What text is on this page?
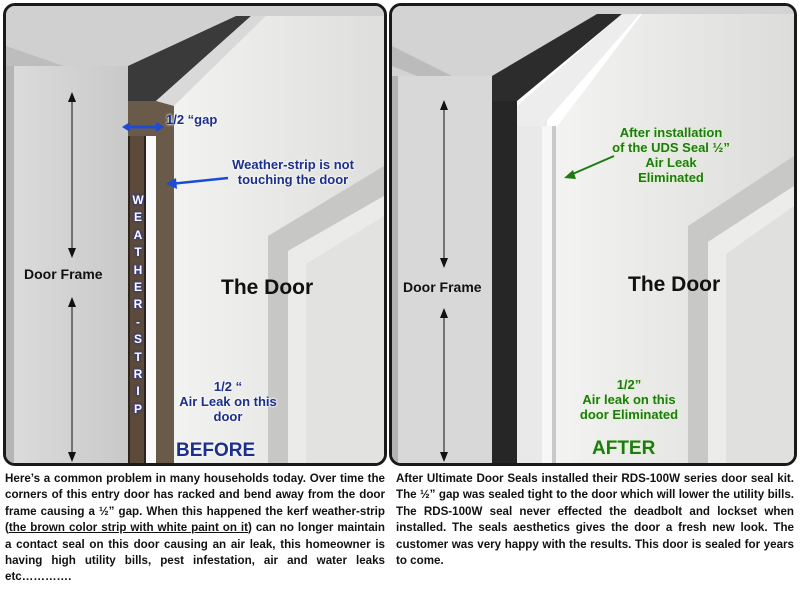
1/2 “gap
Weather-strip is not touching the door
Door Frame
The Door
W
E
A
T
H
E
R
-
S
T
R
I
P
1/2 “
Air Leak on this door
BEFORE
After installation of the UDS Seal ½” Air Leak Eliminated
Door Frame	The Door
1/2”
Air leak on this door Eliminated
AFTER
Here’s a common problem in many households today. Over time the corners of this entry door has racked and bend away from the door frame causing a ½” gap. When this happened the kerf weather-strip (the brown color strip with white paint on it) can no longer maintain a contact seal on this door causing an air leak, this homeowner is having high utility bills, pest infestation, air and water leaks etc………….
After Ultimate Door Seals installed their RDS-100W series door seal kit. The ½” gap was sealed tight to the door which will lower the utility bills. The RDS-100W seal never effected the deadbolt and lockset when installed. The seals aesthetics gives the door a fresh new look. The customer was very happy with the results. This door is sealed for years to come.
